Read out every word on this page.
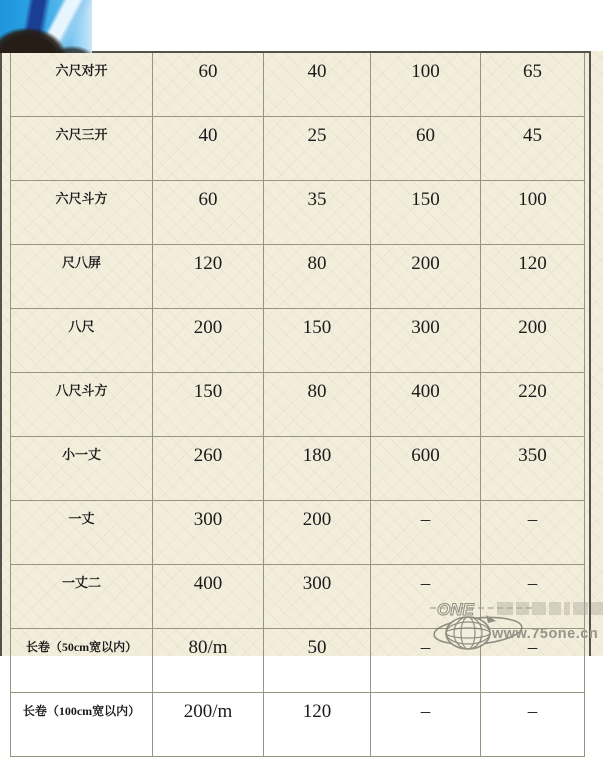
六尺对开	60	40	100	65
六尺三开	40	25	60	45
六尺斗方	60	35	150	100
尺八屏	120	80	200	120
八尺	200	150	300	200
八尺斗方	150	80	400	220
小一丈	260	180	600	350
一丈	300	200	–	–
一丈二	400	300	–	–
长卷（50cm宽以内）	80/m	50	–	–
长卷（100cm宽以内）	200/m	120	–	–
ONE
www.75one.cn
